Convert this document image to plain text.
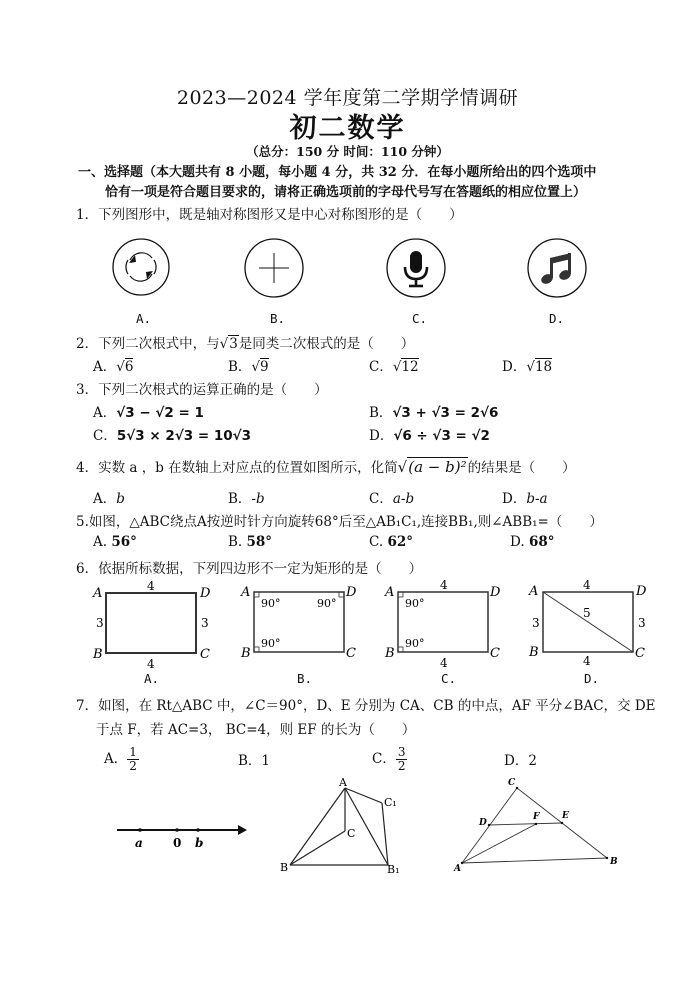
2023—2024 学年度第二学期学情调研
初二数学
（总分：150 分 时间：110 分钟）
一、选择题（本大题共有 8 小题，每小题 4 分，共 32 分．在每小题所给出的四个选项中
恰有一项是符合题目要求的，请将正确选项前的字母代号写在答题纸的相应位置上）
1．下列图形中，既是轴对称图形又是中心对称图形的是（　　）
A.	B.	C.	D.
2．下列二次根式中，与√3是同类二次根式的是（　　）
A．√6	B．√9	C．√12	D．√18
3．下列二次根式的运算正确的是（　　）
A．√3 − √2 = 1	B．√3 + √3 = 2√6
C．5√3 × 2√3 = 10√3	D．√6 ÷ √3 = √2
4．实数 a ，b 在数轴上对应点的位置如图所示，化简√(a − b)²的结果是（　　）
A．b	B．-b	C．a-b	D．b-a
5.如图，△ABC绕点A按逆时针方向旋转68°后至△AB₁C₁,连接BB₁,则∠ABB₁=（　　）
A. 56°	B. 58°	C. 62°	D. 68°
6．依据所标数据，下列四边形不一定为矩形的是（　　）
A	D
B	C
4
4
3	3
A	D
B	C
90°	90°
90°
A	D
B	C
4
4
90°
90°
A	D
B	C
4
4
3	3
5
A.	B.	C.	D.
7．如图，在 Rt△ABC 中，∠C＝90°，D、E 分别为 CA、CB 的中点，AF 平分∠BAC，交 DE
于点 F，若 AC=3， BC=4，则 EF 的长为（　　）
A． $\frac{1}{2}$	B．1	C． $\frac{3}{2}$	D．2
a	0 b
A
B
C
C₁
B₁
C
D
F	E
A
B
